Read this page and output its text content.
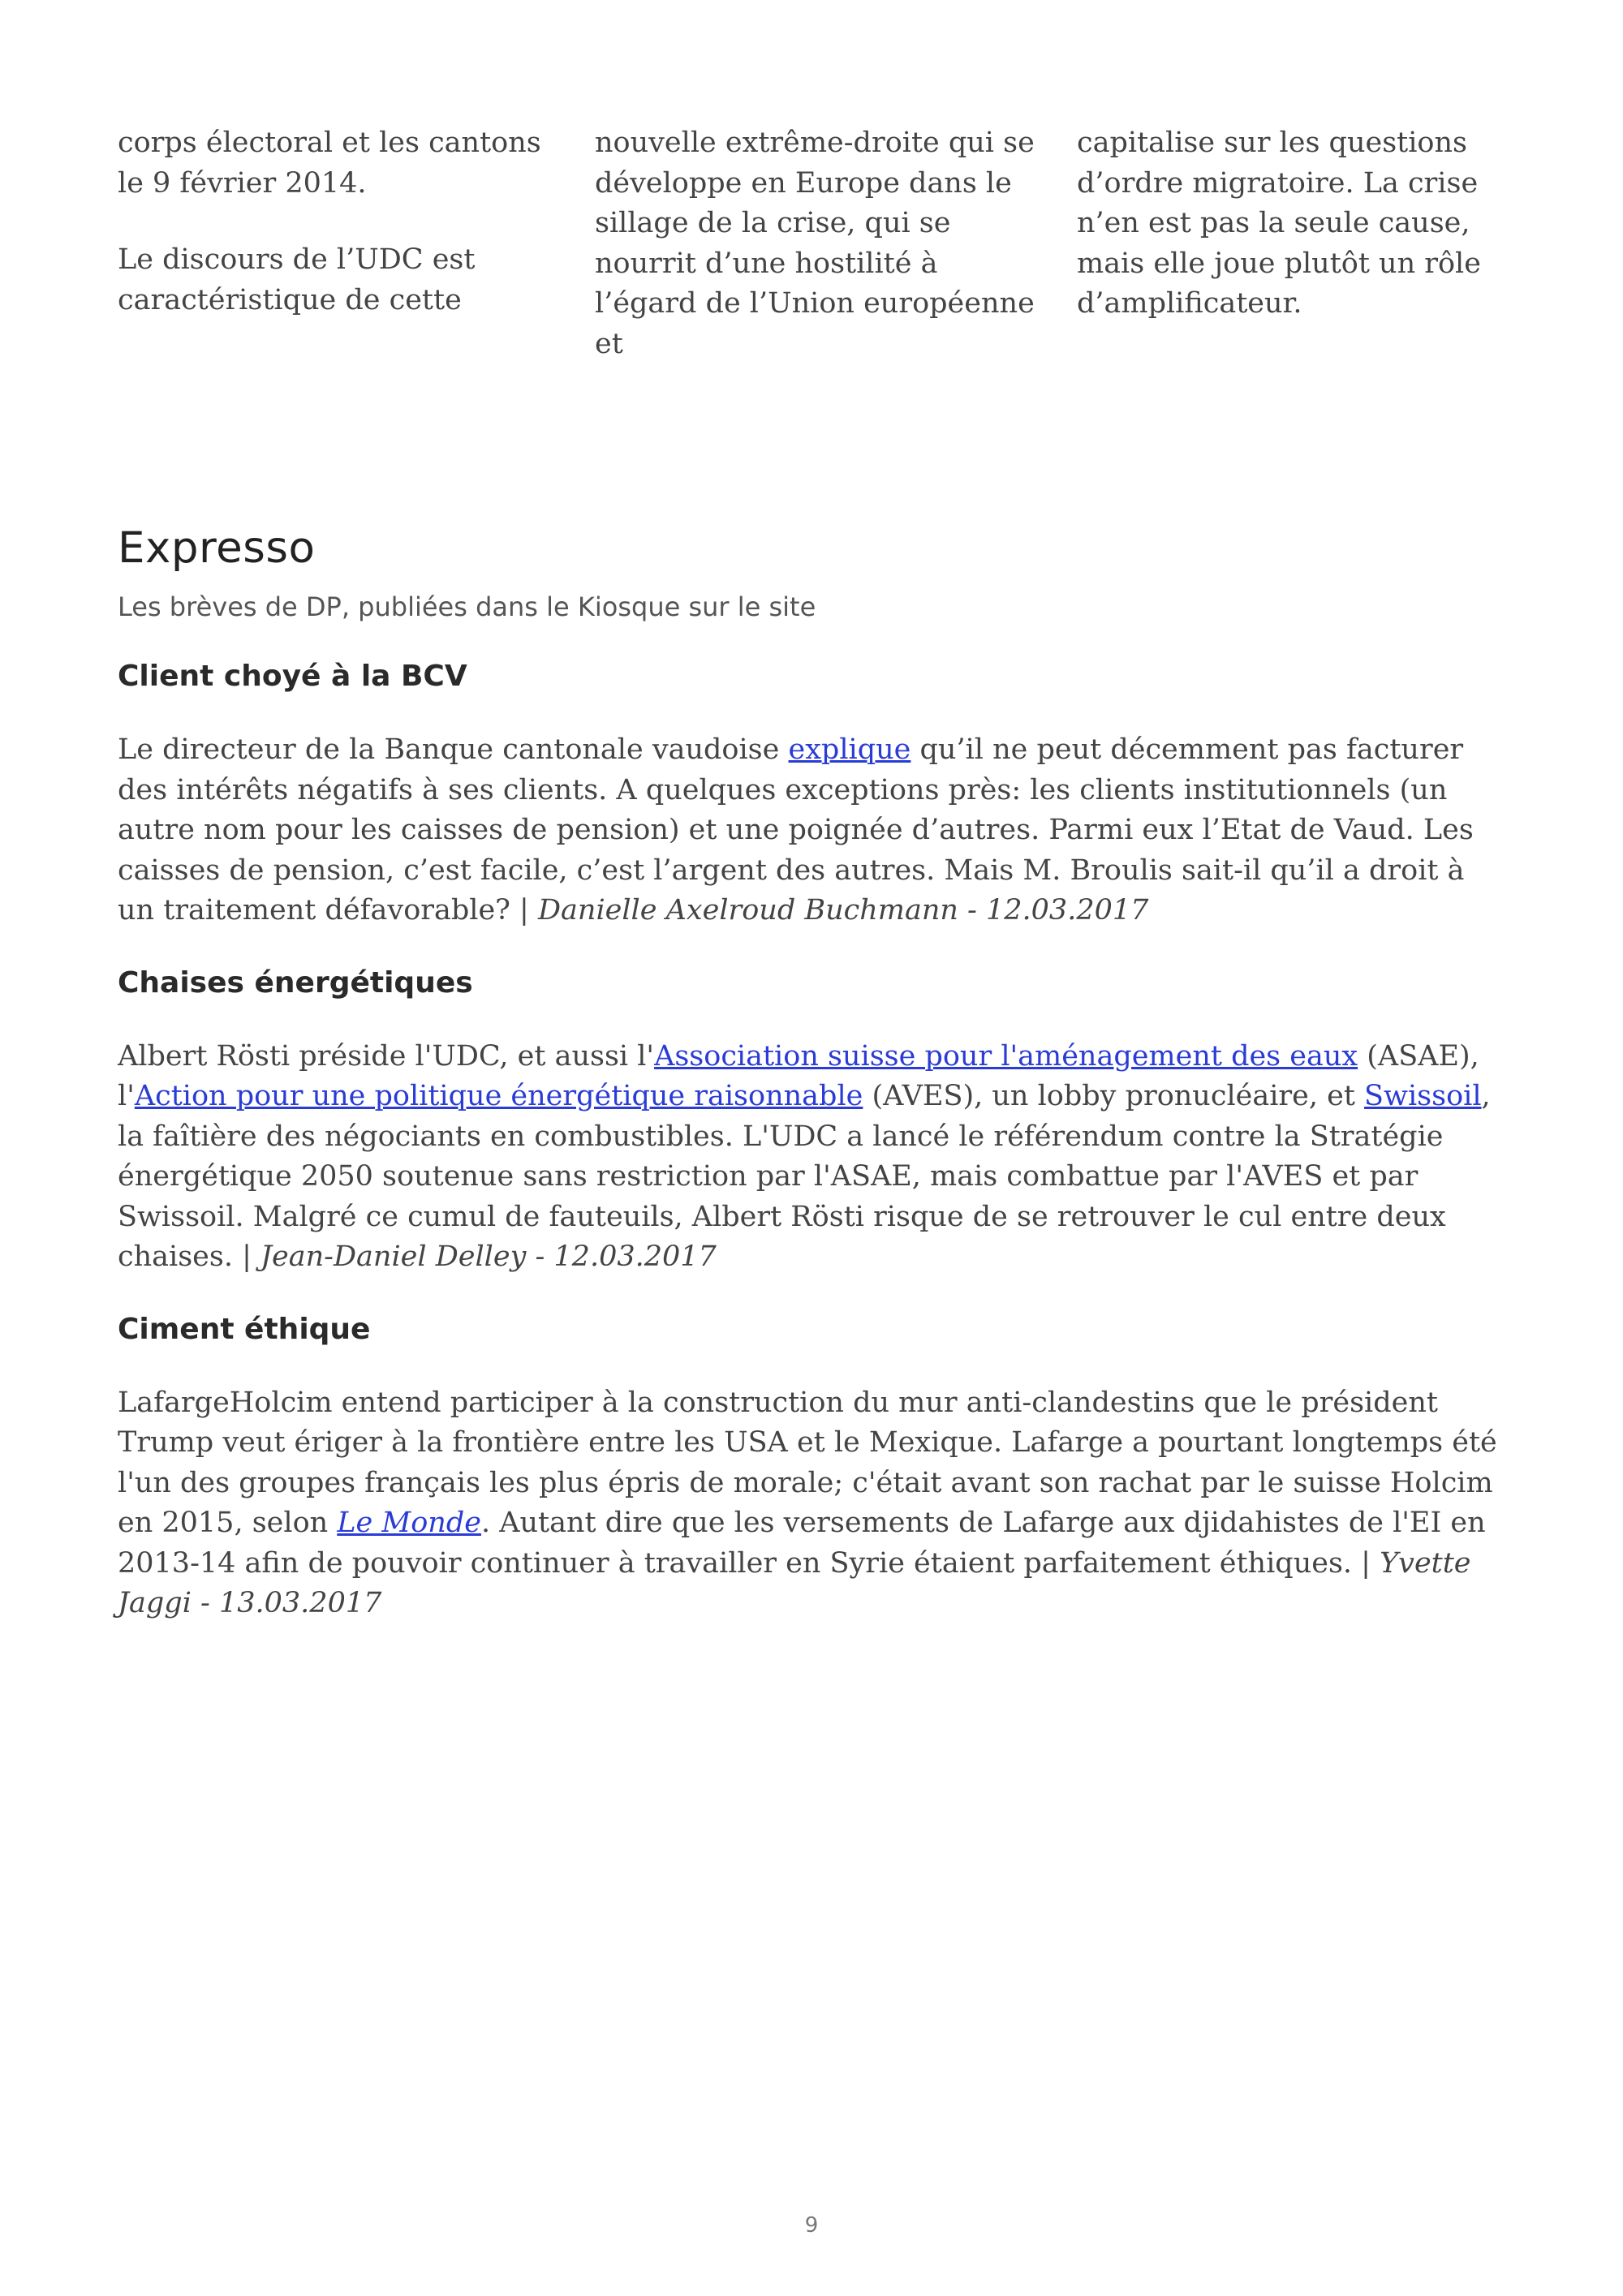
corps électoral et les cantons le 9 février 2014.

Le discours de l’UDC est caractéristique de cette

nouvelle extrême-droite qui se développe en Europe dans le sillage de la crise, qui se nourrit d’une hostilité à l’égard de l’Union européenne et

capitalise sur les questions d’ordre migratoire. La crise n’en est pas la seule cause, mais elle joue plutôt un rôle d’amplificateur.

Expresso

Les brèves de DP, publiées dans le Kiosque sur le site

Client choyé à la BCV

Le directeur de la Banque cantonale vaudoise explique qu’il ne peut décemment pas facturer des intérêts négatifs à ses clients. A quelques exceptions près: les clients institutionnels (un autre nom pour les caisses de pension) et une poignée d’autres. Parmi eux l’Etat de Vaud. Les caisses de pension, c’est facile, c’est l’argent des autres. Mais M. Broulis sait-il qu’il a droit à un traitement défavorable? | Danielle Axelroud Buchmann - 12.03.2017

Chaises énergétiques

Albert Rösti préside l'UDC, et aussi l'Association suisse pour l'aménagement des eaux (ASAE), l'Action pour une politique énergétique raisonnable (AVES), un lobby pronucléaire, et Swissoil, la faîtière des négociants en combustibles. L'UDC a lancé le référendum contre la Stratégie énergétique 2050 soutenue sans restriction par l'ASAE, mais combattue par l'AVES et par Swissoil. Malgré ce cumul de fauteuils, Albert Rösti risque de se retrouver le cul entre deux chaises. | Jean-Daniel Delley - 12.03.2017

Ciment éthique

LafargeHolcim entend participer à la construction du mur anti-clandestins que le président Trump veut ériger à la frontière entre les USA et le Mexique. Lafarge a pourtant longtemps été l'un des groupes français les plus épris de morale; c'était avant son rachat par le suisse Holcim en 2015, selon Le Monde. Autant dire que les versements de Lafarge aux djidahistes de l'EI en 2013-14 afin de pouvoir continuer à travailler en Syrie étaient parfaitement éthiques. | Yvette Jaggi - 13.03.2017

9
